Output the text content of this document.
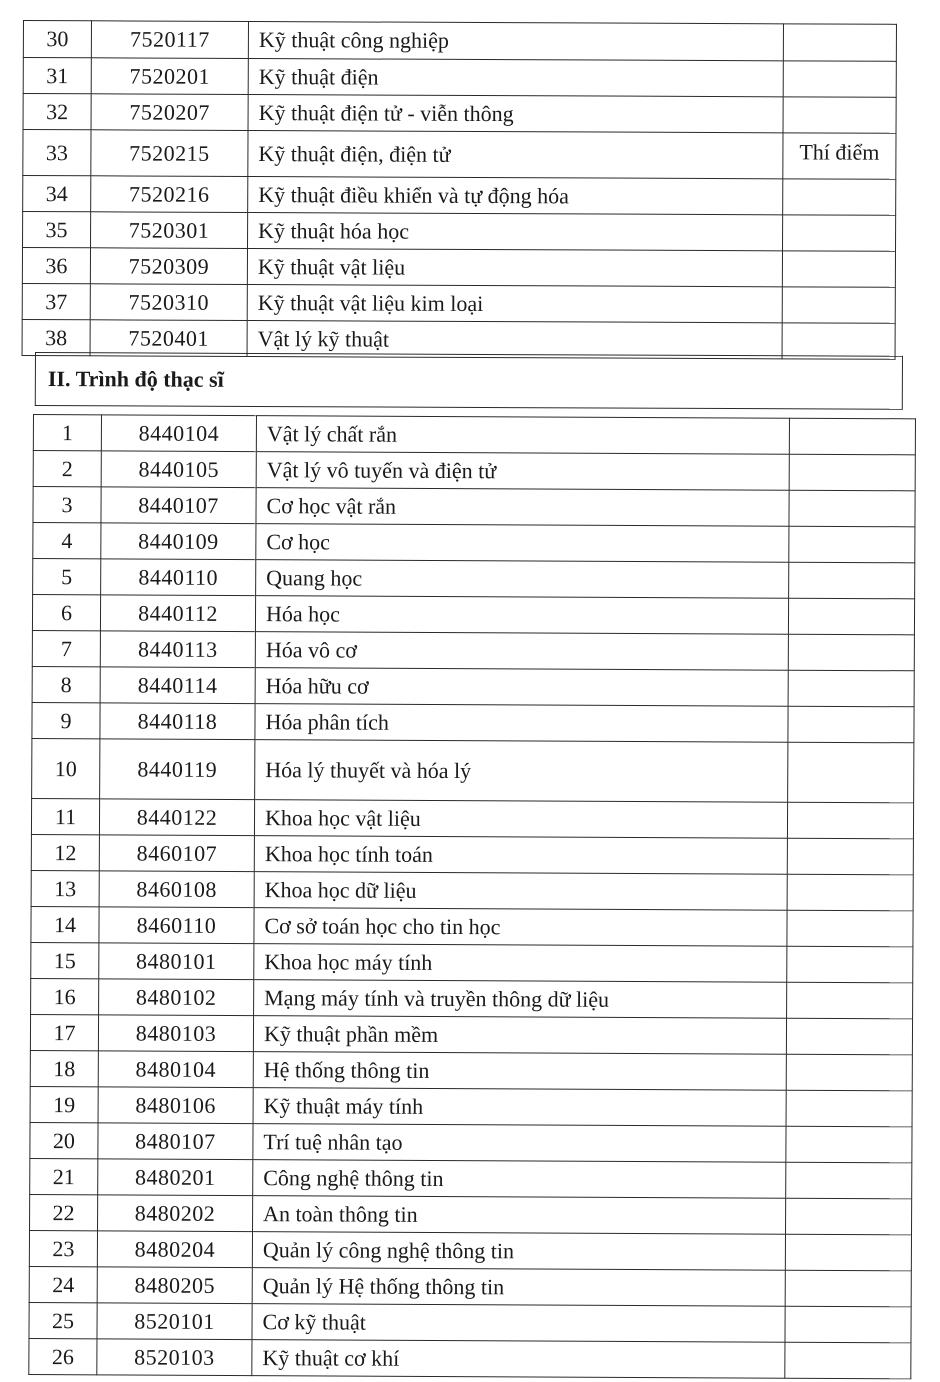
30	7520117	Kỹ thuật công nghiệp	
31	7520201	Kỹ thuật điện	
32	7520207	Kỹ thuật điện tử - viễn thông	
33	7520215	Kỹ thuật điện, điện tử	Thí điểm
34	7520216	Kỹ thuật điều khiển và tự động hóa	
35	7520301	Kỹ thuật hóa học	
36	7520309	Kỹ thuật vật liệu	
37	7520310	Kỹ thuật vật liệu kim loại	
38	7520401	Vật lý kỹ thuật	
II. Trình độ thạc sĩ
1	8440104	Vật lý chất rắn	
2	8440105	Vật lý vô tuyến và điện tử	
3	8440107	Cơ học vật rắn	
4	8440109	Cơ học	
5	8440110	Quang học	
6	8440112	Hóa học	
7	8440113	Hóa vô cơ	
8	8440114	Hóa hữu cơ	
9	8440118	Hóa phân tích	
10	8440119	Hóa lý thuyết và hóa lý	
11	8440122	Khoa học vật liệu	
12	8460107	Khoa học tính toán	
13	8460108	Khoa học dữ liệu	
14	8460110	Cơ sở toán học cho tin học	
15	8480101	Khoa học máy tính	
16	8480102	Mạng máy tính và truyền thông dữ liệu	
17	8480103	Kỹ thuật phần mềm	
18	8480104	Hệ thống thông tin	
19	8480106	Kỹ thuật máy tính	
20	8480107	Trí tuệ nhân tạo	
21	8480201	Công nghệ thông tin	
22	8480202	An toàn thông tin	
23	8480204	Quản lý công nghệ thông tin	
24	8480205	Quản lý Hệ thống thông tin	
25	8520101	Cơ kỹ thuật	
26	8520103	Kỹ thuật cơ khí	
